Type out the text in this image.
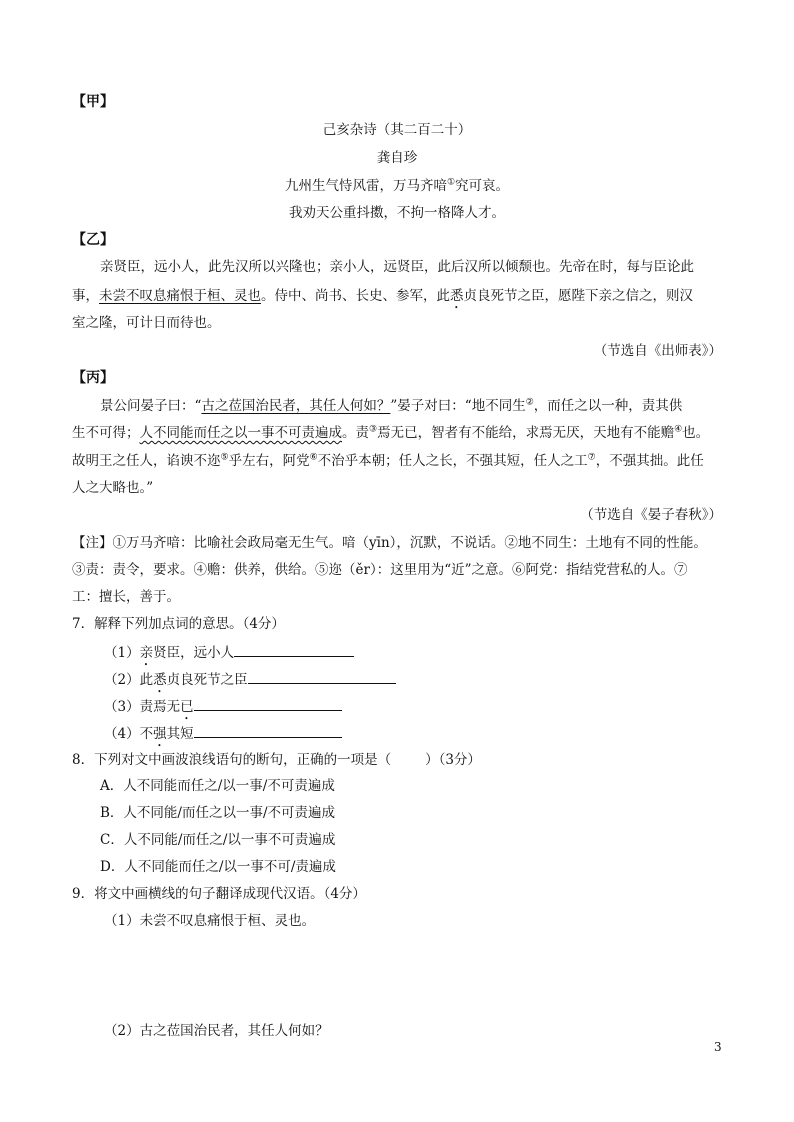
【甲】
己亥杂诗（其二百二十）
龚自珍
九州生气恃风雷，万马齐喑①究可哀。
我劝天公重抖擞，不拘一格降人才。
【乙】
亲贤臣，远小人，此先汉所以兴隆也；亲小人，远贤臣，此后汉所以倾颓也。先帝在时，每与臣论此
事，未尝不叹息痛恨于桓、灵也。侍中、尚书、长史、参军，此悉贞良死节之臣，愿陛下亲之信之，则汉
室之隆，可计日而待也。
（节选自《出师表》）
【丙】
景公问晏子曰：“古之莅国治民者，其任人何如？”晏子对曰：“地不同生②，而任之以一种，责其供
生不可得；人不同能而任之以一事不可责遍成。责③焉无已，智者有不能给，求焉无厌，天地有不能赡④也。
故明王之任人，谄谀不迩⑤乎左右，阿党⑥不治乎本朝；任人之长，不强其短，任人之工⑦，不强其拙。此任
人之大略也。”
（节选自《晏子春秋》）
【注】①万马齐喑：比喻社会政局毫无生气。喑（yīn），沉默，不说话。②地不同生：土地有不同的性能。
③责：责令，要求。④赡：供养，供给。⑤迩（ěr）：这里用为“近”之意。⑥阿党：指结党营私的人。⑦
工：擅长，善于。
7．解释下列加点词的意思。（4分）
（1）亲贤臣，远小人
（2）此悉贞良死节之臣
（3）责焉无已
（4）不强其短
8．下列对文中画波浪线语句的断句，正确的一项是（	）（3分）
A．人不同能而任之/以一事/不可责遍成
B．人不同能/而任之以一事/不可责遍成
C．人不同能/而任之/以一事不可责遍成
D．人不同能而任之/以一事不可/责遍成
9．将文中画横线的句子翻译成现代汉语。（4分）
（1）未尝不叹息痛恨于桓、灵也。
（2）古之莅国治民者，其任人何如？
3
